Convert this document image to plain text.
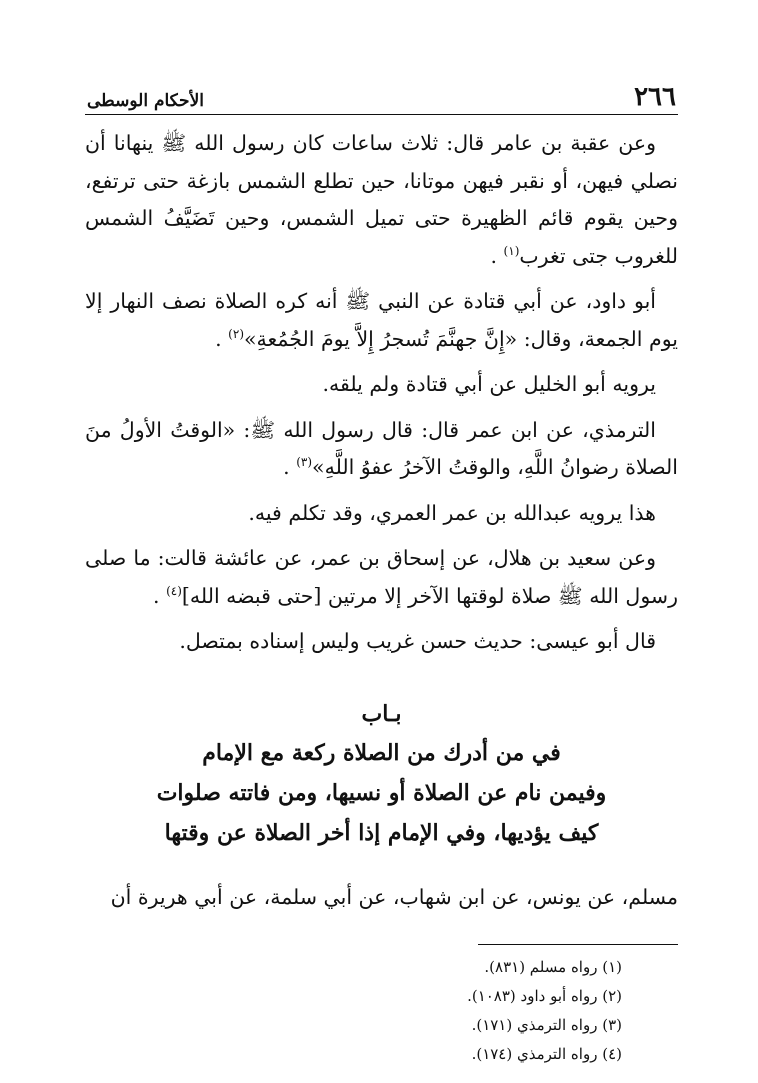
٢٦٦
الأحكام الوسطى

وعن عقبة بن عامر قال: ثلاث ساعات كان رسول الله ﷺ ينهانا أن نصلي فيهن، أو نقبر فيهن موتانا، حين تطلع الشمس بازغة حتى ترتفع، وحين يقوم قائم الظهيرة حتى تميل الشمس، وحين تَضَيَّفُ الشمس للغروب جتى تغرب$^{(١)}$ .

أبو داود، عن أبي قتادة عن النبي ﷺ أنه كره الصلاة نصف النهار إلا يوم الجمعة، وقال: «إِنَّ جهنَّمَ تُسجرُ إِلاَّ يومَ الجُمُعةِ»$^{(٢)}$ .

يرويه أبو الخليل عن أبي قتادة ولم يلقه.

الترمذي، عن ابن عمر قال: قال رسول الله ﷺ: «الوقتُ الأولُ منَ الصلاة رضوانُ اللَّهِ، والوقتُ الآخرُ عفوُ اللَّهِ»$^{(٣)}$ .

هذا يرويه عبدالله بن عمر العمري، وقد تكلم فيه.

وعن سعيد بن هلال، عن إسحاق بن عمر، عن عائشة قالت: ما صلى رسول الله ﷺ صلاة لوقتها الآخر إلا مرتين [حتى قبضه الله]$^{(٤)}$ .

قال أبو عيسى: حديث حسن غريب وليس إسناده بمتصل.

بـاب
في من أدرك من الصلاة ركعة مع الإمام
وفيمن نام عن الصلاة أو نسيها، ومن فاتته صلوات
كيف يؤديها، وفي الإمام إذا أخر الصلاة عن وقتها

مسلم، عن يونس، عن ابن شهاب، عن أبي سلمة، عن أبي هريرة أن

(١) رواه مسلم (٨٣١).
(٢) رواه أبو داود (١٠٨٣).
(٣) رواه الترمذي (١٧١).
(٤) رواه الترمذي (١٧٤).
